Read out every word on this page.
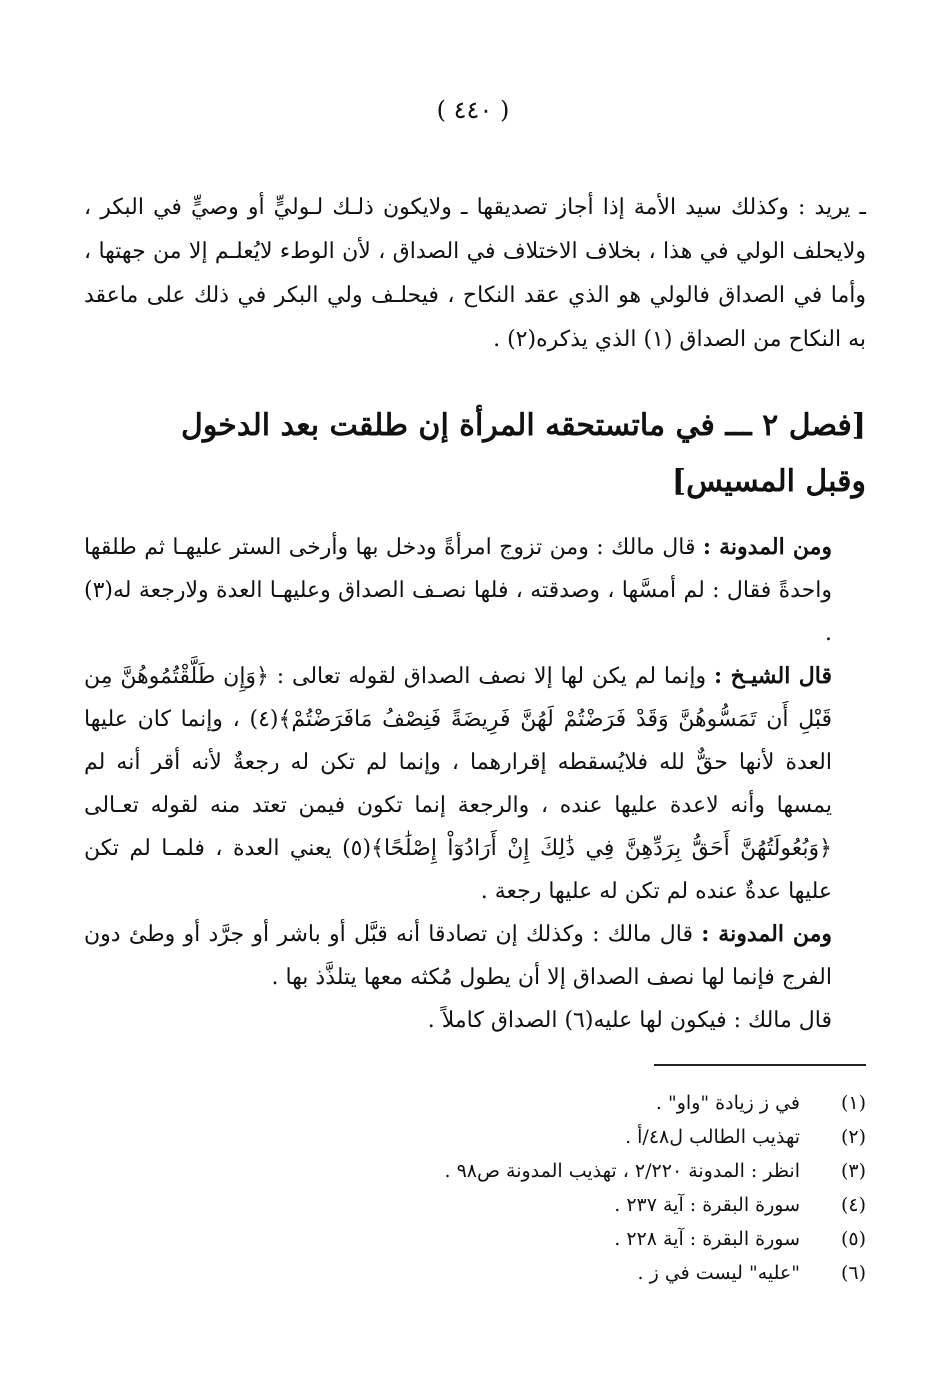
( ٤٤٠ )

ـ يريد : وكذلك سيد الأمة إذا أجاز تصديقها ـ ولايكون ذلـك لـوليٍّ أو وصيٍّ في البكر ، ولايحلف الولي في هذا ، بخلاف الاختلاف في الصداق ، لأن الوطء لايُعلـم إلا من جهتها ، وأما في الصداق فالولي هو الذي عقد النكاح ، فيحلـف ولي البكر في ذلك على ماعقد به النكاح من الصداق (١) الذي يذكره(٢) .

[فصل ٢ ـــ في ماتستحقه المرأة إن طلقت بعد الدخول
وقبل المسيس]

ومن المدونة : قال مالك : ومن تزوج امرأةً ودخل بها وأرخى الستر عليهـا ثم طلقها واحدةً فقال : لم أمسَّها ، وصدقته ، فلها نصـف الصداق وعليهـا العدة ولارجعة له(٣) .

قال الشيـخ : وإنما لم يكن لها إلا نصف الصداق لقوله تعالى : ﴿وَإِن طَلَّقْتُمُوهُنَّ مِن قَبْلِ أَن تَمَسُّوهُنَّ وَقَدْ فَرَضْتُمْ لَهُنَّ فَرِيضَةً فَنِصْفُ مَافَرَضْتُمْ﴾(٤) ، وإنما كان عليها العدة لأنها حقٌّ لله فلايُسقطه إقرارهما ، وإنما لم تكن له رجعةٌ لأنه أقر أنه لم يمسها وأنه لاعدة عليها عنده ، والرجعة إنما تكون فيمن تعتد منه لقوله تعـالى ﴿وَبُعُولَتُهُنَّ أَحَقُّ بِرَدِّهِنَّ فِي ذَٰلِكَ إِنْ أَرَادُوٓاْ إِصْلَٰحًا﴾(٥) يعني العدة ، فلمـا لم تكن عليها عدةٌ عنده لم تكن له عليها رجعة .

ومن المدونة : قال مالك : وكذلك إن تصادقا أنه قبَّل أو باشر أو جرَّد أو وطئ دون الفرج فإنما لها نصف الصداق إلا أن يطول مُكثه معها يتلذَّذ بها .

قال مالك : فيكون لها عليه(٦) الصداق كاملاً .

(١)
في ز زيادة "واو" .
(٢)
تهذيب الطالب ل٤٨/أ .
(٣)
انظر : المدونة ٢/٢٢٠ ، تهذيب المدونة ص٩٨ .
(٤)
سورة البقرة : آية ٢٣٧ .
(٥)
سورة البقرة : آية ٢٢٨ .
(٦)
"عليه" ليست في ز .
